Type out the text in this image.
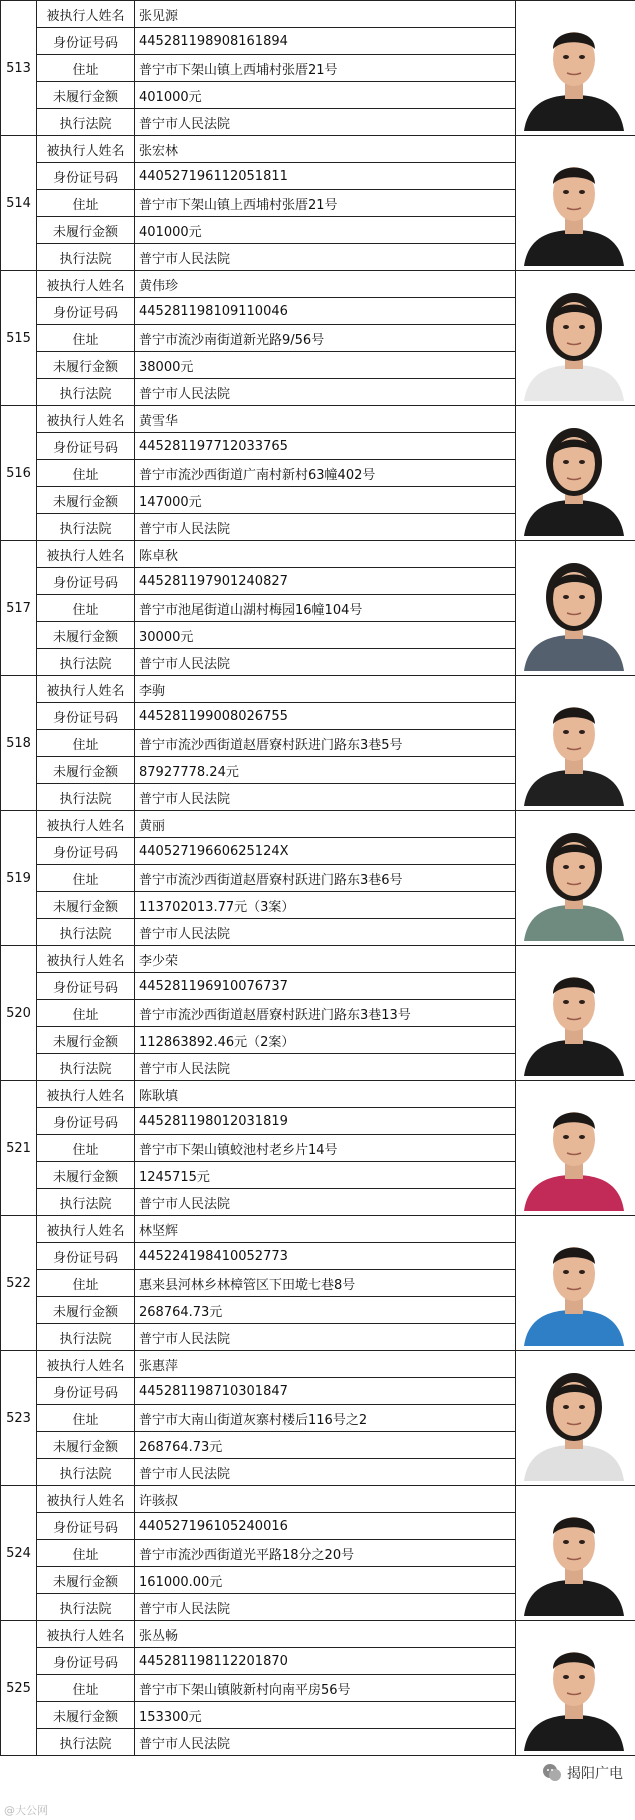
513	被执行人姓名	张见源	

	身份证号码	445281198908161894	
	住址	普宁市下架山镇上西埔村张厝21号	
	未履行金额	401000元	
	执行法院	普宁市人民法院	
514	被执行人姓名	张宏林	

	身份证号码	440527196112051811	
	住址	普宁市下架山镇上西埔村张厝21号	
	未履行金额	401000元	
	执行法院	普宁市人民法院	
515	被执行人姓名	黄伟珍	

	身份证号码	445281198109110046	
	住址	普宁市流沙南街道新光路9/56号	
	未履行金额	38000元	
	执行法院	普宁市人民法院	
516	被执行人姓名	黄雪华	

	身份证号码	445281197712033765	
	住址	普宁市流沙西街道广南村新村63幢402号	
	未履行金额	147000元	
	执行法院	普宁市人民法院	
517	被执行人姓名	陈卓秋	

	身份证号码	445281197901240827	
	住址	普宁市池尾街道山湖村梅园16幢104号	
	未履行金额	30000元	
	执行法院	普宁市人民法院	
518	被执行人姓名	李驹	

	身份证号码	445281199008026755	
	住址	普宁市流沙西街道赵厝寮村跃进门路东3巷5号	
	未履行金额	87927778.24元	
	执行法院	普宁市人民法院	
519	被执行人姓名	黄丽	

	身份证号码	44052719660625124X	
	住址	普宁市流沙西街道赵厝寮村跃进门路东3巷6号	
	未履行金额	113702013.77元（3案）	
	执行法院	普宁市人民法院	
520	被执行人姓名	李少荣	

	身份证号码	445281196910076737	
	住址	普宁市流沙西街道赵厝寮村跃进门路东3巷13号	
	未履行金额	112863892.46元（2案）	
	执行法院	普宁市人民法院	
521	被执行人姓名	陈耿填	

	身份证号码	445281198012031819	
	住址	普宁市下架山镇蛟池村老乡片14号	
	未履行金额	1245715元	
	执行法院	普宁市人民法院	
522	被执行人姓名	林坚辉	

	身份证号码	445224198410052773	
	住址	惠来县河林乡林樟管区下田墘七巷8号	
	未履行金额	268764.73元	
	执行法院	普宁市人民法院	
523	被执行人姓名	张惠萍	

	身份证号码	445281198710301847	
	住址	普宁市大南山街道灰寨村楼后116号之2	
	未履行金额	268764.73元	
	执行法院	普宁市人民法院	
524	被执行人姓名	许骇叔	

	身份证号码	440527196105240016	
	住址	普宁市流沙西街道光平路18分之20号	
	未履行金额	161000.00元	
	执行法院	普宁市人民法院	
525	被执行人姓名	张丛畅	

	身份证号码	445281198112201870	
	住址	普宁市下架山镇陂新村向南平房56号	
	未履行金额	153300元	
	执行法院	普宁市人民法院	
揭阳广电
@大公网
